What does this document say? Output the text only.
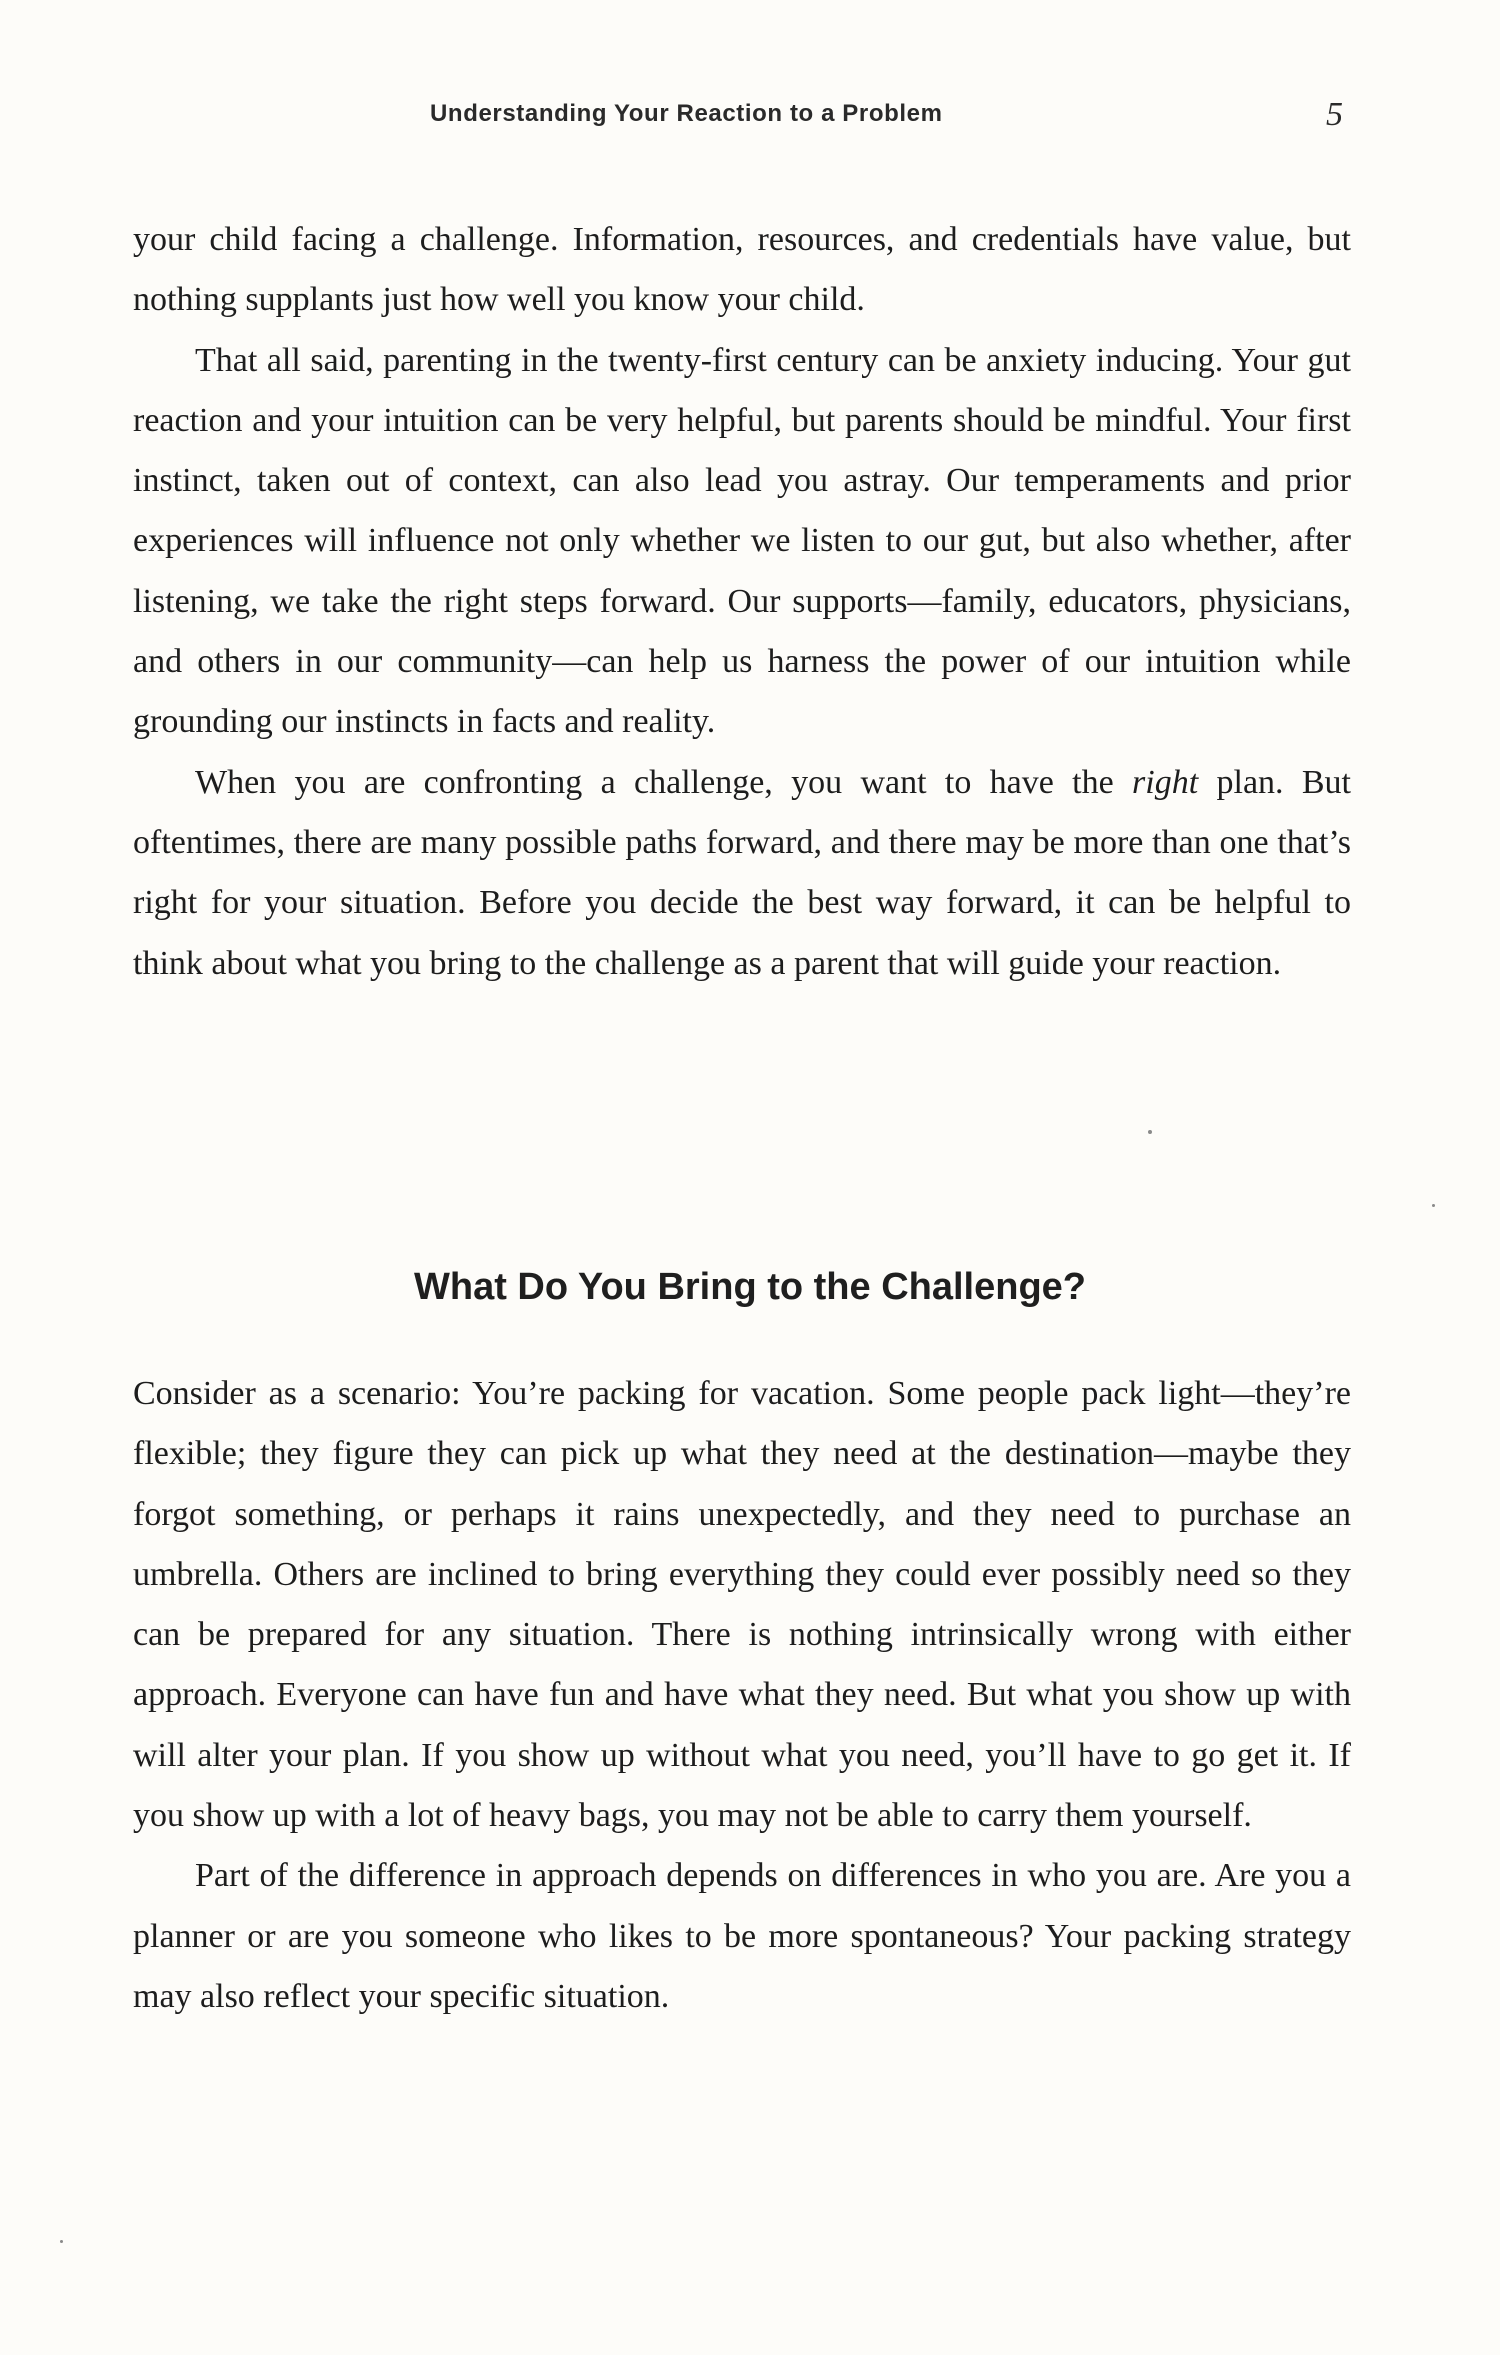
Understanding Your Reaction to a Problem	5

your child facing a challenge. Information, resources, and credentials have value, but nothing supplants just how well you know your child.

That all said, parenting in the twenty-first century can be anxiety inducing. Your gut reaction and your intuition can be very helpful, but parents should be mindful. Your first instinct, taken out of context, can also lead you astray. Our temperaments and prior experiences will influence not only whether we listen to our gut, but also whether, after listening, we take the right steps forward. Our supports—family, educators, physicians, and others in our community—can help us harness the power of our intuition while grounding our instincts in facts and reality.

When you are confronting a challenge, you want to have the right plan. But oftentimes, there are many possible paths forward, and there may be more than one that’s right for your situation. Before you decide the best way forward, it can be helpful to think about what you bring to the challenge as a parent that will guide your reaction.

What Do You Bring to the Challenge?

Consider as a scenario: You’re packing for vacation. Some people pack light—they’re flexible; they figure they can pick up what they need at the destination—maybe they forgot something, or perhaps it rains unexpectedly, and they need to purchase an umbrella. Others are inclined to bring everything they could ever possibly need so they can be prepared for any situation. There is nothing intrinsically wrong with either approach. Everyone can have fun and have what they need. But what you show up with will alter your plan. If you show up without what you need, you’ll have to go get it. If you show up with a lot of heavy bags, you may not be able to carry them yourself.

Part of the difference in approach depends on differences in who you are. Are you a planner or are you someone who likes to be more spontaneous? Your packing strategy may also reflect your specific situation.
